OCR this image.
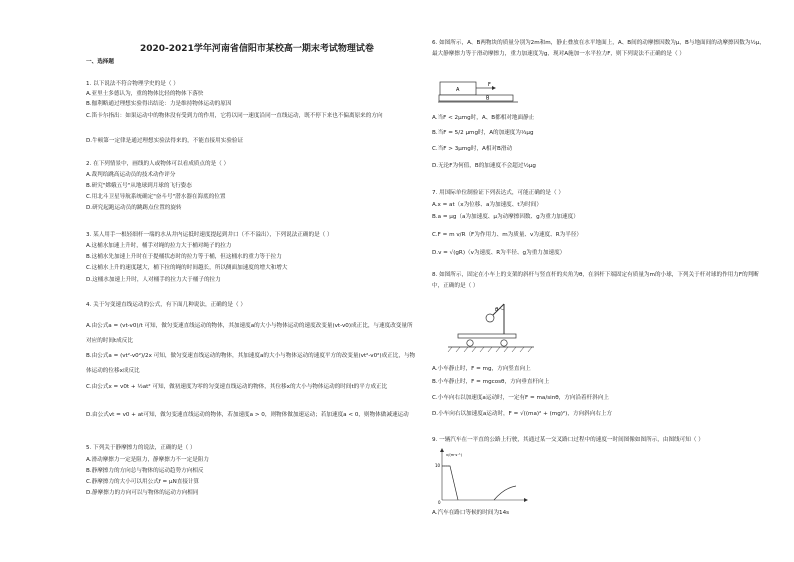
2020-2021学年河南省信阳市某校高一期末考试物理试卷
一、选择题
1. 以下说法不符合物理学史的是（ ）
A.亚里士多德认为，重的物体比轻的物体下落快
B.伽利略通过理想实验得出结论：力是维持物体运动的原因
C.笛卡尔指出：如果运动中的物体没有受到力的作用，它将以同一速度沿同一直线运动，既不停下来也不偏离原来的方向
D.牛顿第一定律是通过理想实验法得来的，不能直接用实验验证
2. 在下列情景中，画线的人或物体可以看成质点的是（ ）
A.裁判给跳高运动员的技术动作评分
B.研究"嫦娥五号"从地球到月球的飞行姿态
C.用北斗卫星导航系统确定"奋斗号"潜水器在海底的位置
D.研究起跑运动员的跳踢点位置的旋转
3. 某人用手一根轻细杆一端的水从井内运抵时速度提起到井口（不不溢出），下列说法正确的是（ ）
A.这桶水加速上升时，桶手对绳的拉力大于桶对绳子的拉力
B.这桶水先加速上升时在于提桶状态时的拉力等于桶，但这桶水的重力等于拉力
C.这桶水上升的速度越大，桶下拉的绳的时间越长，所以侧面加速度的增大和增大
D.这桶水加速上升时，人对桶手的拉力大于桶子的拉力
4. 关于匀变速直线运动的公式，有下面几种说法，正确的是（ ）
A.由公式a = (vt-v0)/t 可知，做匀变速直线运动的物体，其加速度a的大小与物体运动的速度改变量(vt-v0)成正比，与速度改变量所对应的时间t成反比
B.由公式a = (vt²-v0²)/2x 可知，做匀变速直线运动的物体，其加速度a的大小与物体运动的速度平方的改变量(vt²-v0²)成正比，与物体运动的位移x成反比
C.由公式x = v0t + ½at² 可知，做初速度为零的匀变速直线运动的物体，其位移x的大小与物体运动的时间t的平方成正比
D.由公式vt = v0 + at可知，做匀变速直线运动的物体，若加速度a > 0，则物体做加速运动；若加速度a < 0，则物体做减速运动
5. 下列关于静摩擦力的说法，正确的是（ ）
A.滑动摩擦力一定是阻力，静摩擦力不一定是阻力
B.静摩擦力的方向总与物体的运动趋势方向相反
C.静摩擦力的大小可以用公式f = μN直接计算
D.静摩擦力的方向可以与物体的运动方向相同
6. 如图所示，A、B两物块的质量分别为2m和m，静止叠放在水平地面上，A、B间的动摩擦因数为μ，B与地面间的动摩擦因数为½μ，最大静摩擦力等于滑动摩擦力，重力加速度为g，现对A施加一水平拉力F，则下列说法不正确的是（ ）
A
B
F
A.当F < 2μmg时，A、B都相对地面静止
B.当F = 5/2 μmg时，A的加速度为⅓μg
C.当F > 3μmg时，A相对B滑动
D.无论F为何值，B的加速度不会超过½μg
7. 用国际单位制验证下列表达式，可能正确的是（ ）
A.x = at（x为位移、a为加速度、t为时间）
B.a = μg（a为加速度、μ为动摩擦因数、g为重力加速度）
C.F = m v/R（F为作用力、m为质量、v为速度、R为半径）
D.v = √(gR)（v为速度、R为半径、g为重力加速度）
8. 如图所示，固定在小车上的支架的斜杆与竖直杆的夹角为θ，在斜杆下端固定有质量为m的小球，下列关于杆对球的作用力F的判断中，正确的是（ ）
θ
A.小车静止时，F = mg，方向竖直向上
B.小车静止时，F = mgcosθ，方向垂直杆向上
C.小车向右以加速度a运动时，一定有F = ma/sinθ，方向沿着杆斜向上
D.小车向右以加速度a运动时，F = √((ma)² + (mg)²)，方向斜向右上方
9. 一辆汽车在一平直的公路上行驶，其通过某一交叉路口过程中的速度一时间图像如图所示，由图线可知（ ）
v/(m·s⁻¹)
10
0
A.汽车在路口等候的时间为14s
